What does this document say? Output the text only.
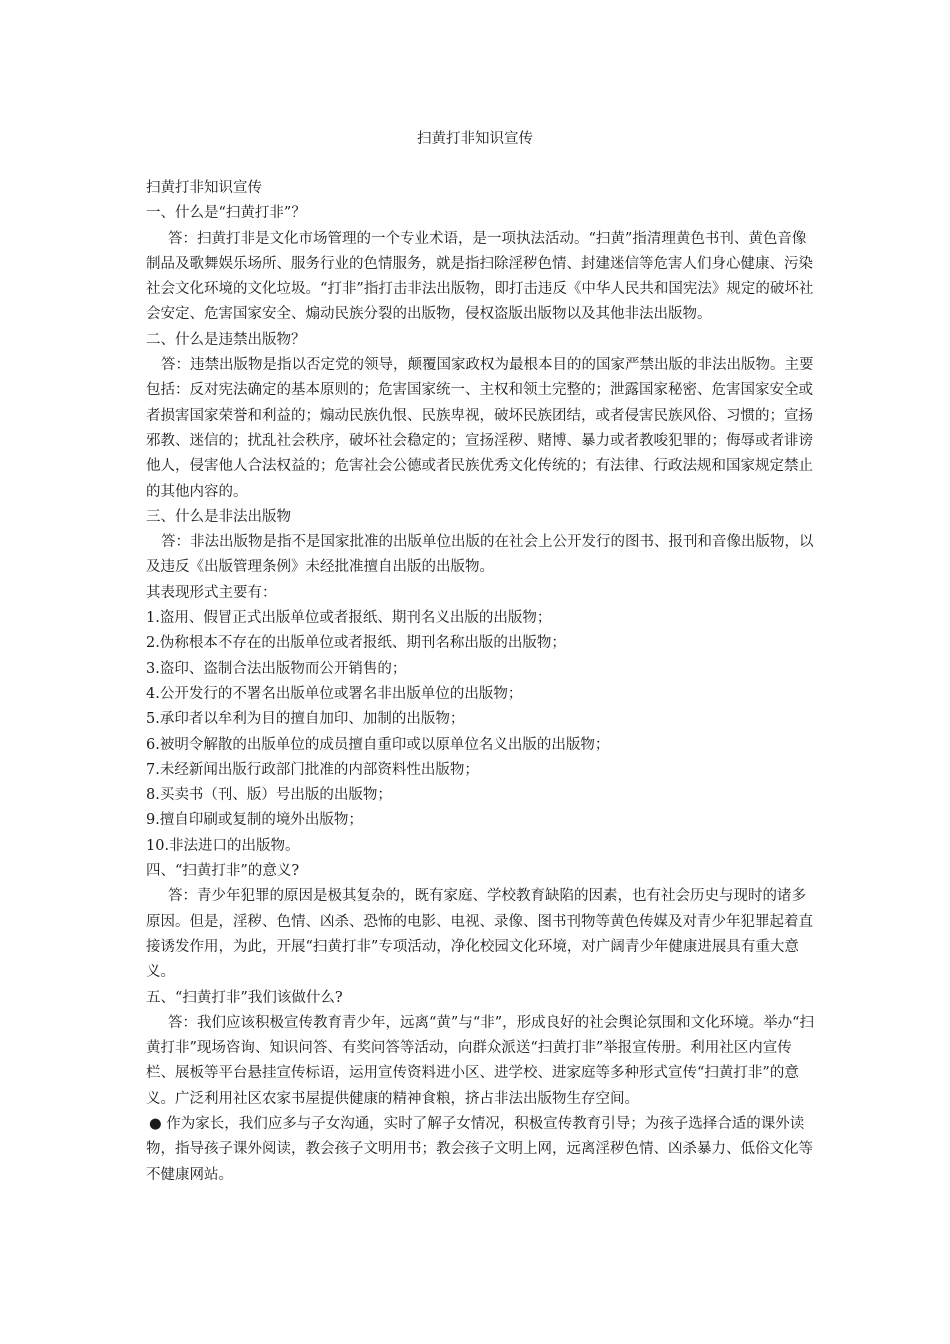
扫黄打非知识宣传

扫黄打非知识宣传

一、什么是“扫黄打非”？

答：扫黄打非是文化市场管理的一个专业术语，是一项执法活动。“扫黄”指清理黄色书刊、黄色音像制品及歌舞娱乐场所、服务行业的色情服务，就是指扫除淫秽色情、封建迷信等危害人们身心健康、污染社会文化环境的文化垃圾。“打非”指打击非法出版物，即打击违反《中华人民共和国宪法》规定的破坏社会安定、危害国家安全、煽动民族分裂的出版物，侵权盗版出版物以及其他非法出版物。

二、什么是违禁出版物？

答：违禁出版物是指以否定党的领导，颠覆国家政权为最根本目的的国家严禁出版的非法出版物。主要包括：反对宪法确定的基本原则的；危害国家统一、主权和领土完整的；泄露国家秘密、危害国家安全或者损害国家荣誉和利益的；煽动民族仇恨、民族卑视，破坏民族团结，或者侵害民族风俗、习惯的；宣扬邪教、迷信的；扰乱社会秩序，破坏社会稳定的；宣扬淫秽、赌博、暴力或者教唆犯罪的；侮辱或者诽谤他人，侵害他人合法权益的；危害社会公德或者民族优秀文化传统的；有法律、行政法规和国家规定禁止的其他内容的。

三、什么是非法出版物

答：非法出版物是指不是国家批准的出版单位出版的在社会上公开发行的图书、报刊和音像出版物，以及违反《出版管理条例》未经批准擅自出版的出版物。

其表现形式主要有：

1.盗用、假冒正式出版单位或者报纸、期刊名义出版的出版物；

2.伪称根本不存在的出版单位或者报纸、期刊名称出版的出版物；

3.盗印、盗制合法出版物而公开销售的；

4.公开发行的不署名出版单位或署名非出版单位的出版物；

5.承印者以牟利为目的擅自加印、加制的出版物；

6.被明令解散的出版单位的成员擅自重印或以原单位名义出版的出版物；

7.未经新闻出版行政部门批准的内部资料性出版物；

8.买卖书（刊、版）号出版的出版物；

9.擅自印刷或复制的境外出版物；

10.非法进口的出版物。

四、“扫黄打非”的意义?

答：青少年犯罪的原因是极其复杂的，既有家庭、学校教育缺陷的因素，也有社会历史与现时的诸多原因。但是，淫秽、色情、凶杀、恐怖的电影、电视、录像、图书刊物等黄色传媒及对青少年犯罪起着直接诱发作用，为此，开展“扫黄打非”专项活动，净化校园文化环境，对广阔青少年健康进展具有重大意义。

五、“扫黄打非”我们该做什么?

答：我们应该积极宣传教育青少年，远离“黄”与“非”，形成良好的社会舆论氛围和文化环境。举办“扫黄打非”现场咨询、知识问答、有奖问答等活动，向群众派送“扫黄打非”举报宣传册。利用社区内宣传栏、展板等平台悬挂宣传标语，运用宣传资料进小区、进学校、进家庭等多种形式宣传“扫黄打非”的意义。广泛利用社区农家书屋提供健康的精神食粮，挤占非法出版物生存空间。

● 作为家长，我们应多与子女沟通，实时了解子女情况，积极宣传教育引导；为孩子选择合适的课外读物，指导孩子课外阅读，教会孩子文明用书；教会孩子文明上网，远离淫秽色情、凶杀暴力、低俗文化等不健康网站。
